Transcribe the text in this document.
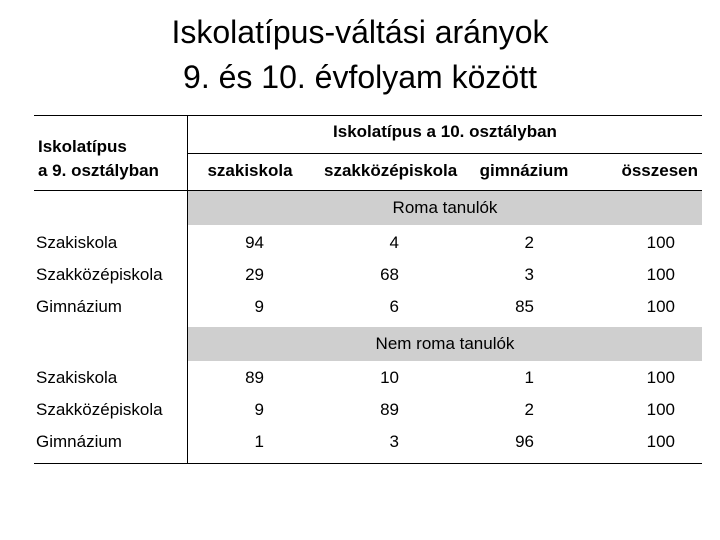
Iskolatípus-váltási arányok
9. és 10. évfolyam között
Iskolatípus
a 9. osztályban
Iskolatípus a 10. osztályban
szakiskola	szakközépiskola	gimnázium	összesen
Roma tanulók
Szakiskola	94	4	2	100
Szakközépiskola	29	68	3	100
Gimnázium	9	6	85	100
Nem roma tanulók
Szakiskola	89	10	1	100
Szakközépiskola	9	89	2	100
Gimnázium	1	3	96	100
